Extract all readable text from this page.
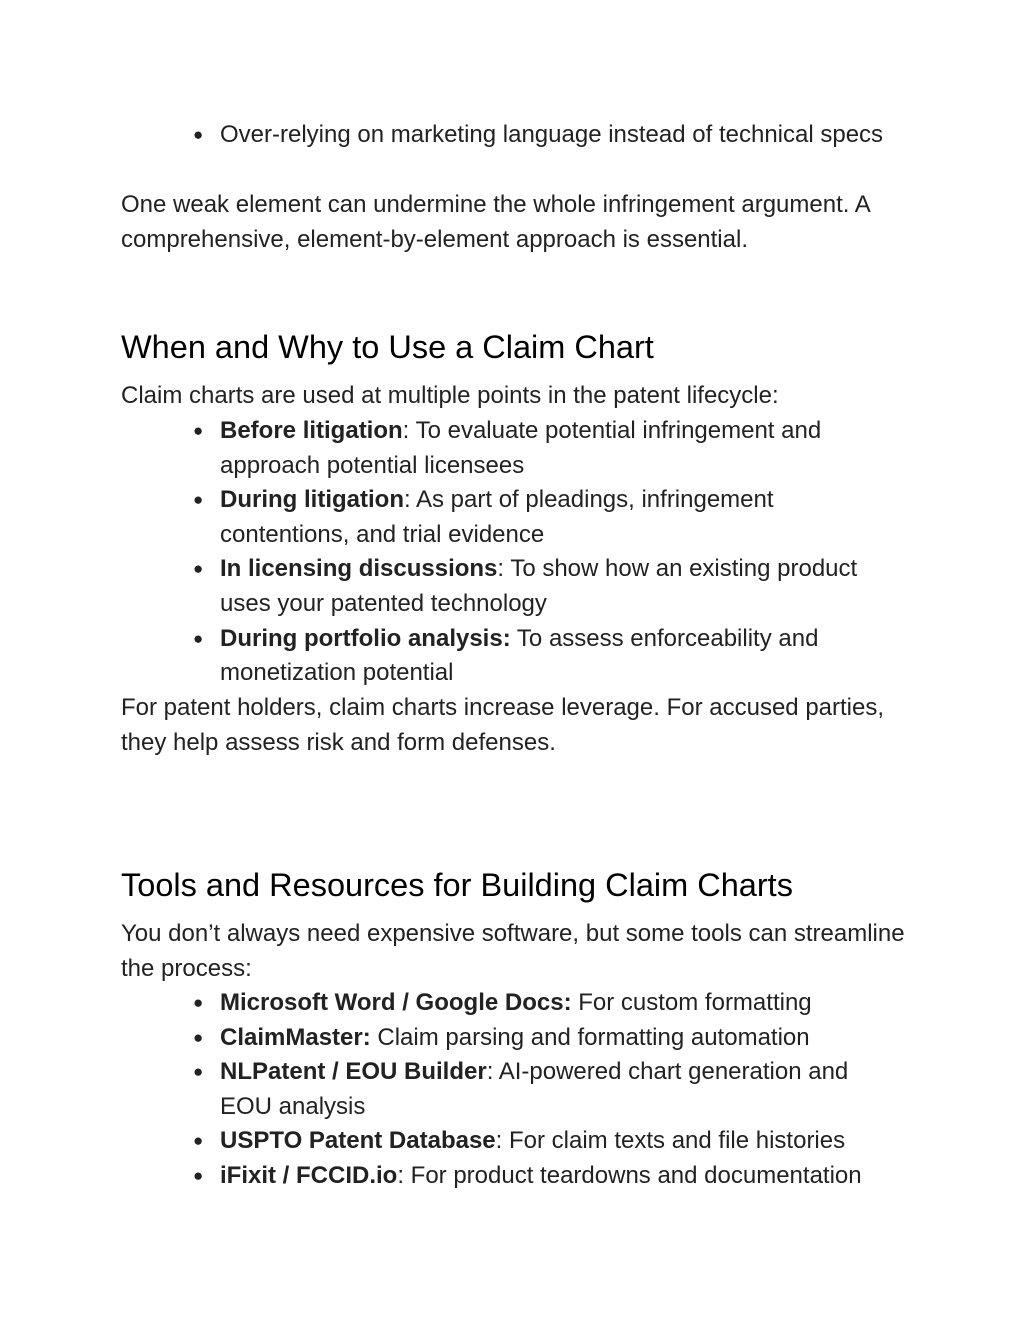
● Over-relying on marketing language instead of technical specs

One weak element can undermine the whole infringement argument. A comprehensive, element-by-element approach is essential.

When and Why to Use a Claim Chart

Claim charts are used at multiple points in the patent lifecycle:

● Before litigation: To evaluate potential infringement and approach potential licensees
● During litigation: As part of pleadings, infringement contentions, and trial evidence
● In licensing discussions: To show how an existing product uses your patented technology
● During portfolio analysis: To assess enforceability and monetization potential

For patent holders, claim charts increase leverage. For accused parties, they help assess risk and form defenses.

Tools and Resources for Building Claim Charts

You don’t always need expensive software, but some tools can streamline the process:

● Microsoft Word / Google Docs: For custom formatting
● ClaimMaster: Claim parsing and formatting automation
● NLPatent / EOU Builder: AI-powered chart generation and EOU analysis
● USPTO Patent Database: For claim texts and file histories
● iFixit / FCCID.io: For product teardowns and documentation
